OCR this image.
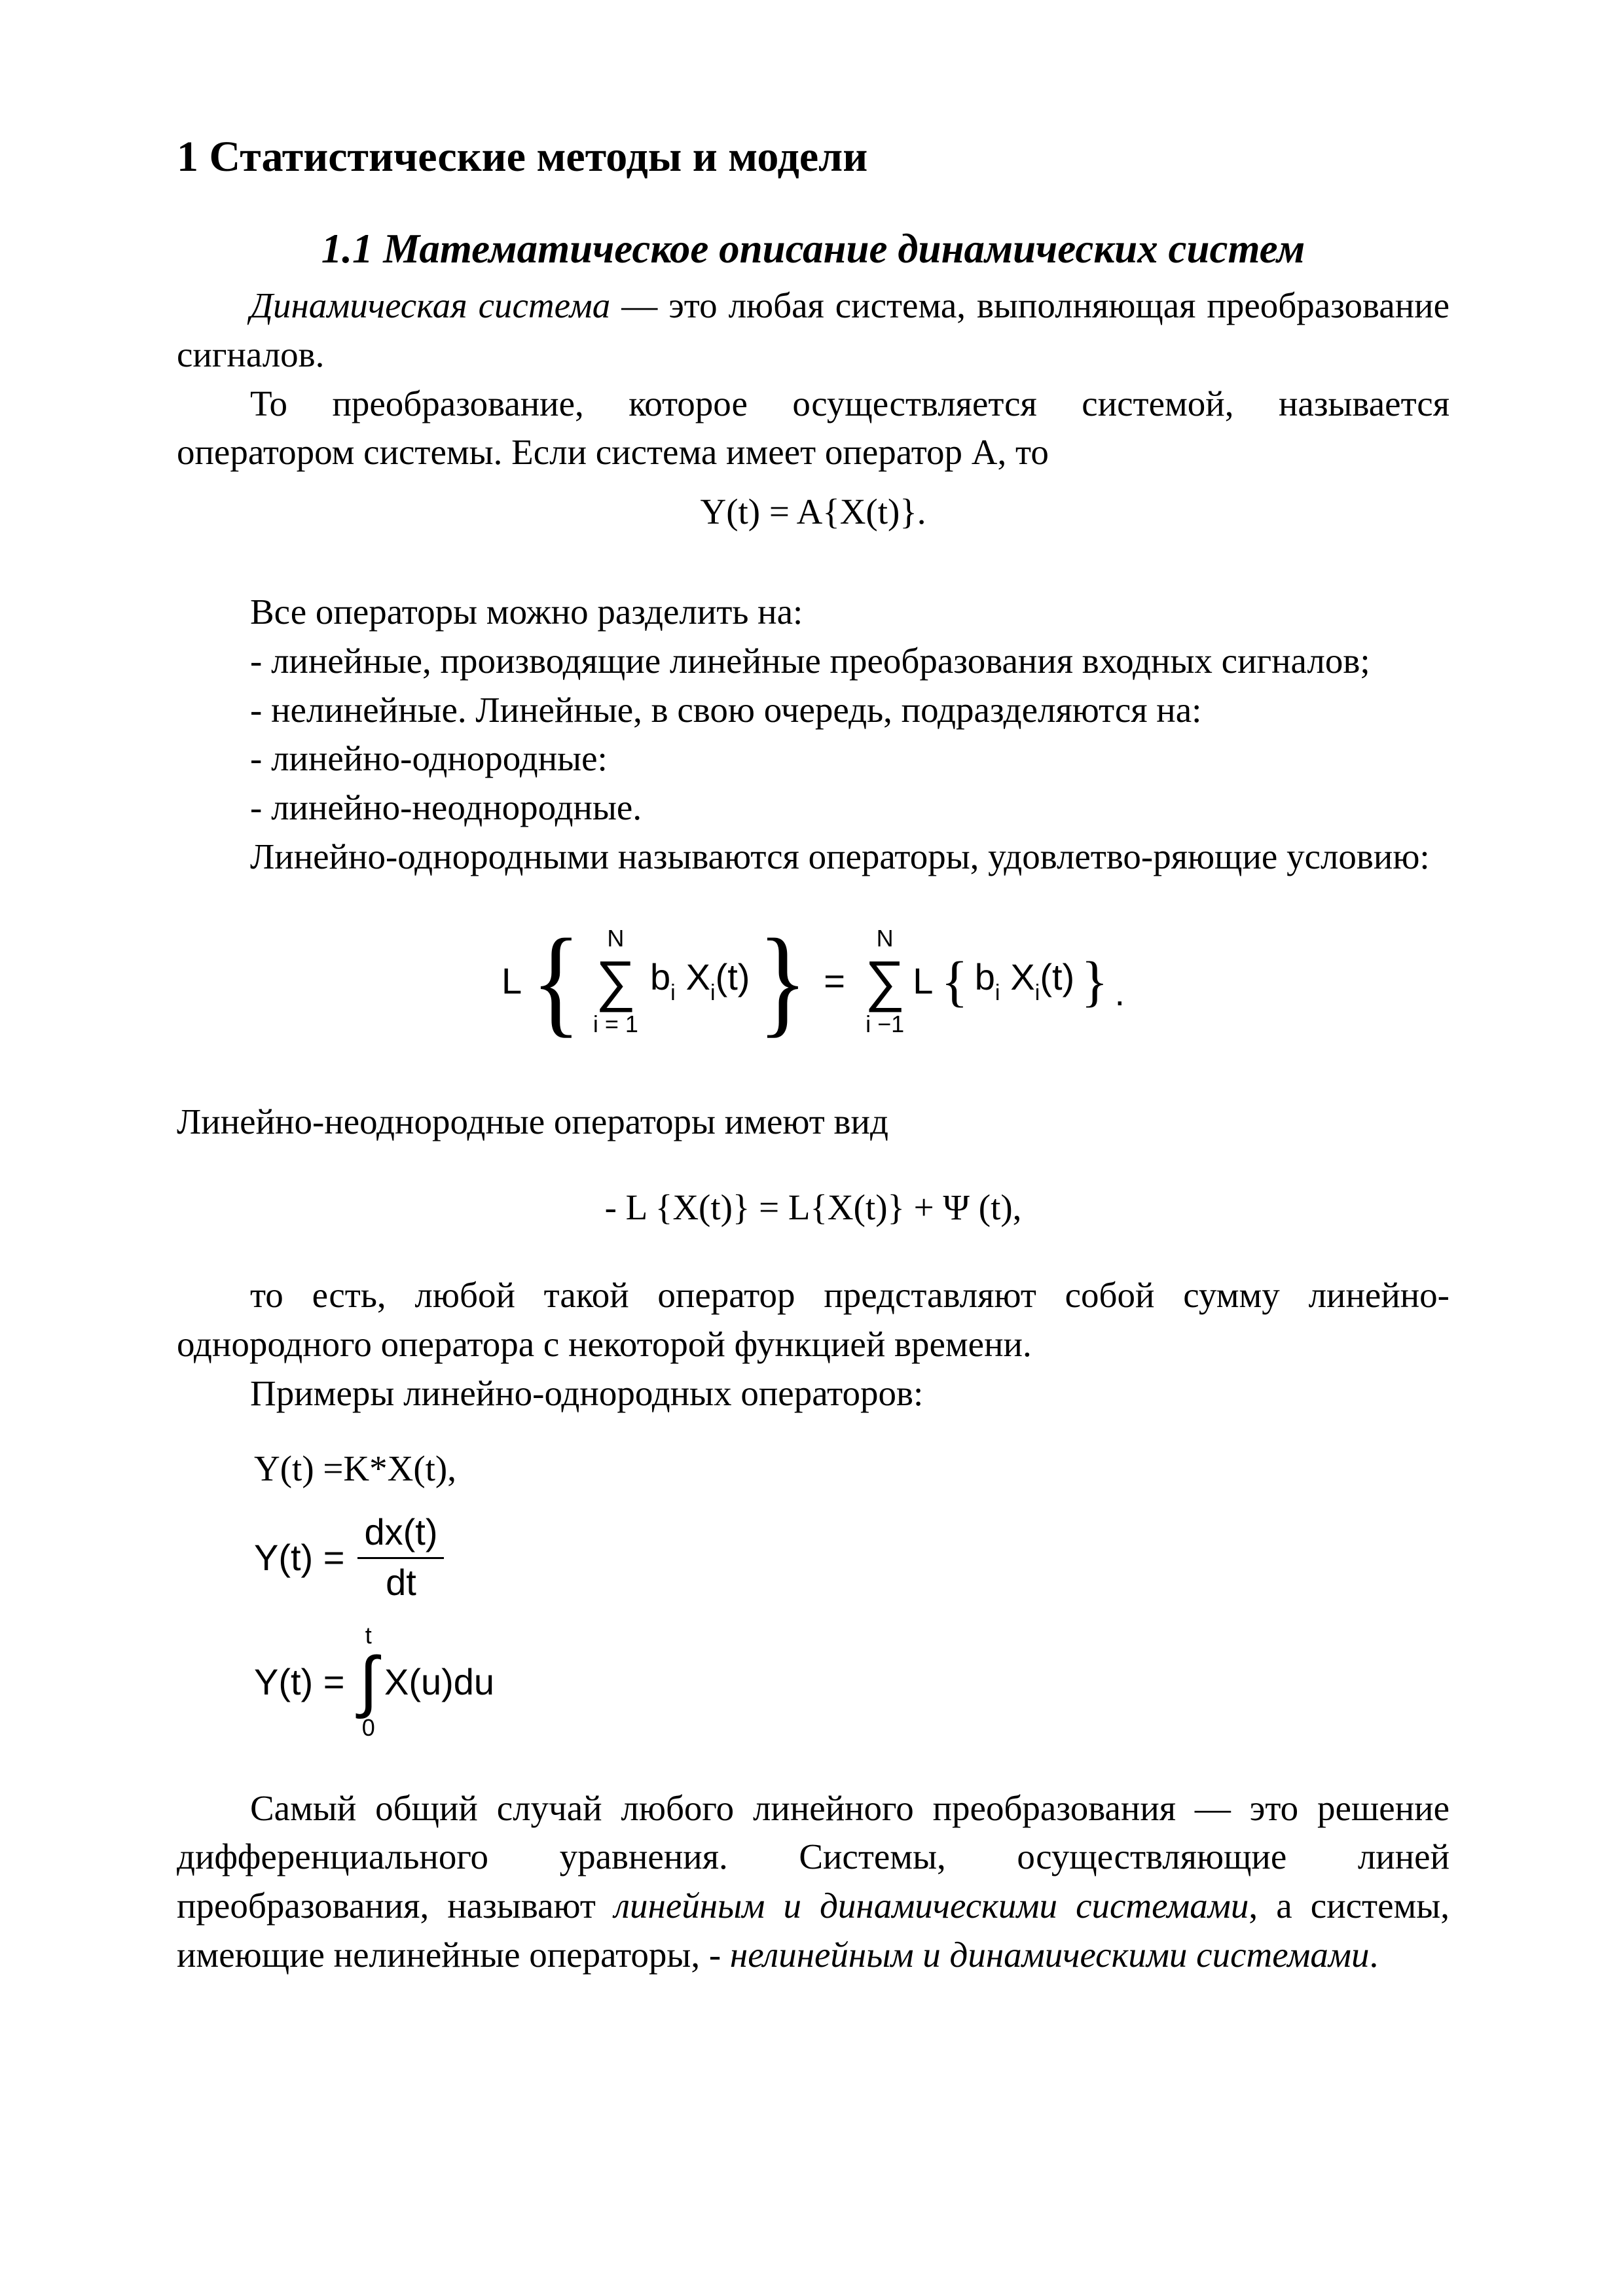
1 Статистические методы и модели
1.1 Математическое описание динамических систем

Динамическая система — это любая система, выполняющая преобразование сигналов.

То преобразование, которое осуществляется системой, называется оператором системы. Если система имеет оператор А, то

Y(t) = A{X(t)}.

Все операторы можно разделить на:

- линейные, производящие линейные преобразования входных сигналов;

- нелинейные. Линейные, в свою очередь, подразделяются на:

- линейно-однородные:

- линейно-неоднородные.

Линейно-однородными называются операторы, удовлетво-ряющие условию:

L { N
∑
i = 1
$b_i$ $X_i(t)$ } =
N
∑
i −1
L { $b_i$ $X_i(t)$ } .

Линейно-неоднородные операторы имеют вид

- L {X(t)} = L{X(t)} + Ψ (t),

то есть, любой такой оператор представляют собой сумму линейно-однородного оператора с некоторой функцией времени.

Примеры линейно-однородных операторов:

Y(t) =K*X(t),
$Y(t) = \frac{dx(t)}{dt}$
Y(t) =
t
∫
0
X(u)du

Самый общий случай любого линейного преобразования — это решение дифференциального уравнения. Системы, осуществляющие линей преобразования, называют линейным и динамическими системами, а системы, имеющие нелинейные операторы, - нелинейным и динамическими системами.
